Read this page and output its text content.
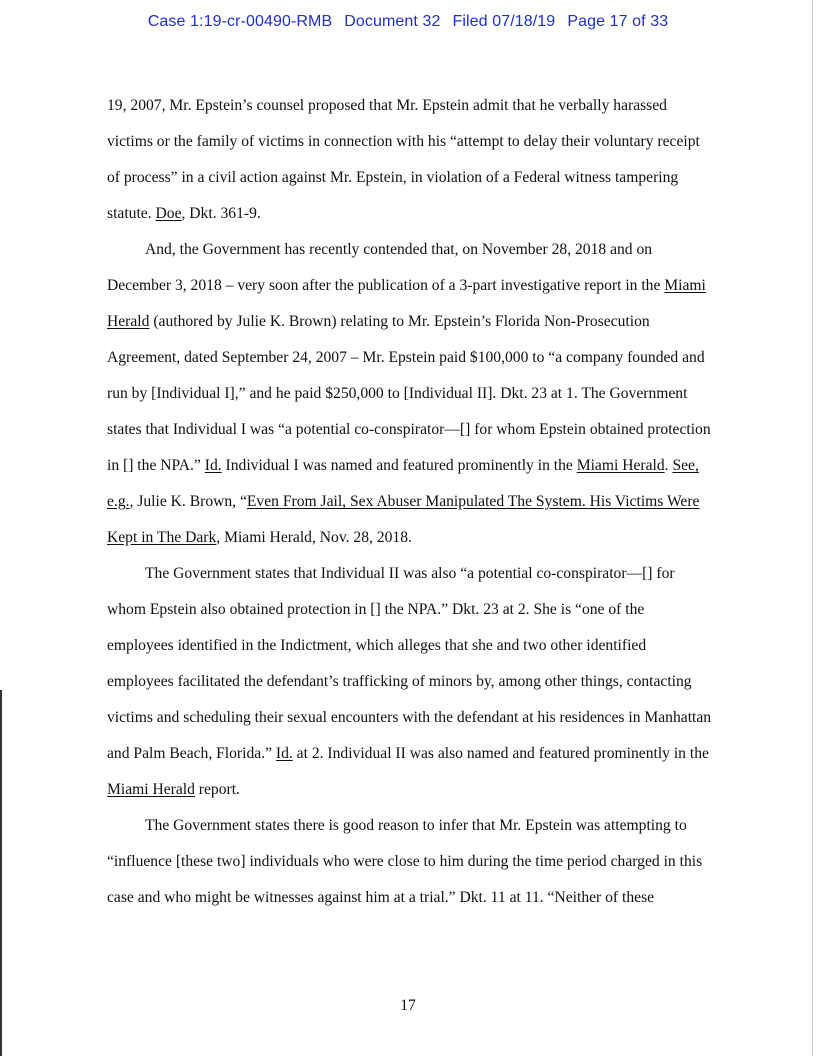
Case 1:19-cr-00490-RMB Document 32 Filed 07/18/19 Page 17 of 33

19, 2007, Mr. Epstein’s counsel proposed that Mr. Epstein admit that he verbally harassed
victims or the family of victims in connection with his “attempt to delay their voluntary receipt
of process” in a civil action against Mr. Epstein, in violation of a Federal witness tampering
statute. Doe, Dkt. 361-9.

And, the Government has recently contended that, on November 28, 2018 and on
December 3, 2018 – very soon after the publication of a 3-part investigative report in the Miami
Herald (authored by Julie K. Brown) relating to Mr. Epstein’s Florida Non-Prosecution
Agreement, dated September 24, 2007 – Mr. Epstein paid $100,000 to “a company founded and
run by [Individual I],” and he paid $250,000 to [Individual II]. Dkt. 23 at 1. The Government
states that Individual I was “a potential co-conspirator—[] for whom Epstein obtained protection
in [] the NPA.” Id. Individual I was named and featured prominently in the Miami Herald. See,
e.g., Julie K. Brown, “Even From Jail, Sex Abuser Manipulated The System. His Victims Were
Kept in The Dark, Miami Herald, Nov. 28, 2018.

The Government states that Individual II was also “a potential co-conspirator—[] for
whom Epstein also obtained protection in [] the NPA.” Dkt. 23 at 2. She is “one of the
employees identified in the Indictment, which alleges that she and two other identified
employees facilitated the defendant’s trafficking of minors by, among other things, contacting
victims and scheduling their sexual encounters with the defendant at his residences in Manhattan
and Palm Beach, Florida.” Id. at 2. Individual II was also named and featured prominently in the
Miami Herald report.

The Government states there is good reason to infer that Mr. Epstein was attempting to
“influence [these two] individuals who were close to him during the time period charged in this
case and who might be witnesses against him at a trial.” Dkt. 11 at 11. “Neither of these

17
